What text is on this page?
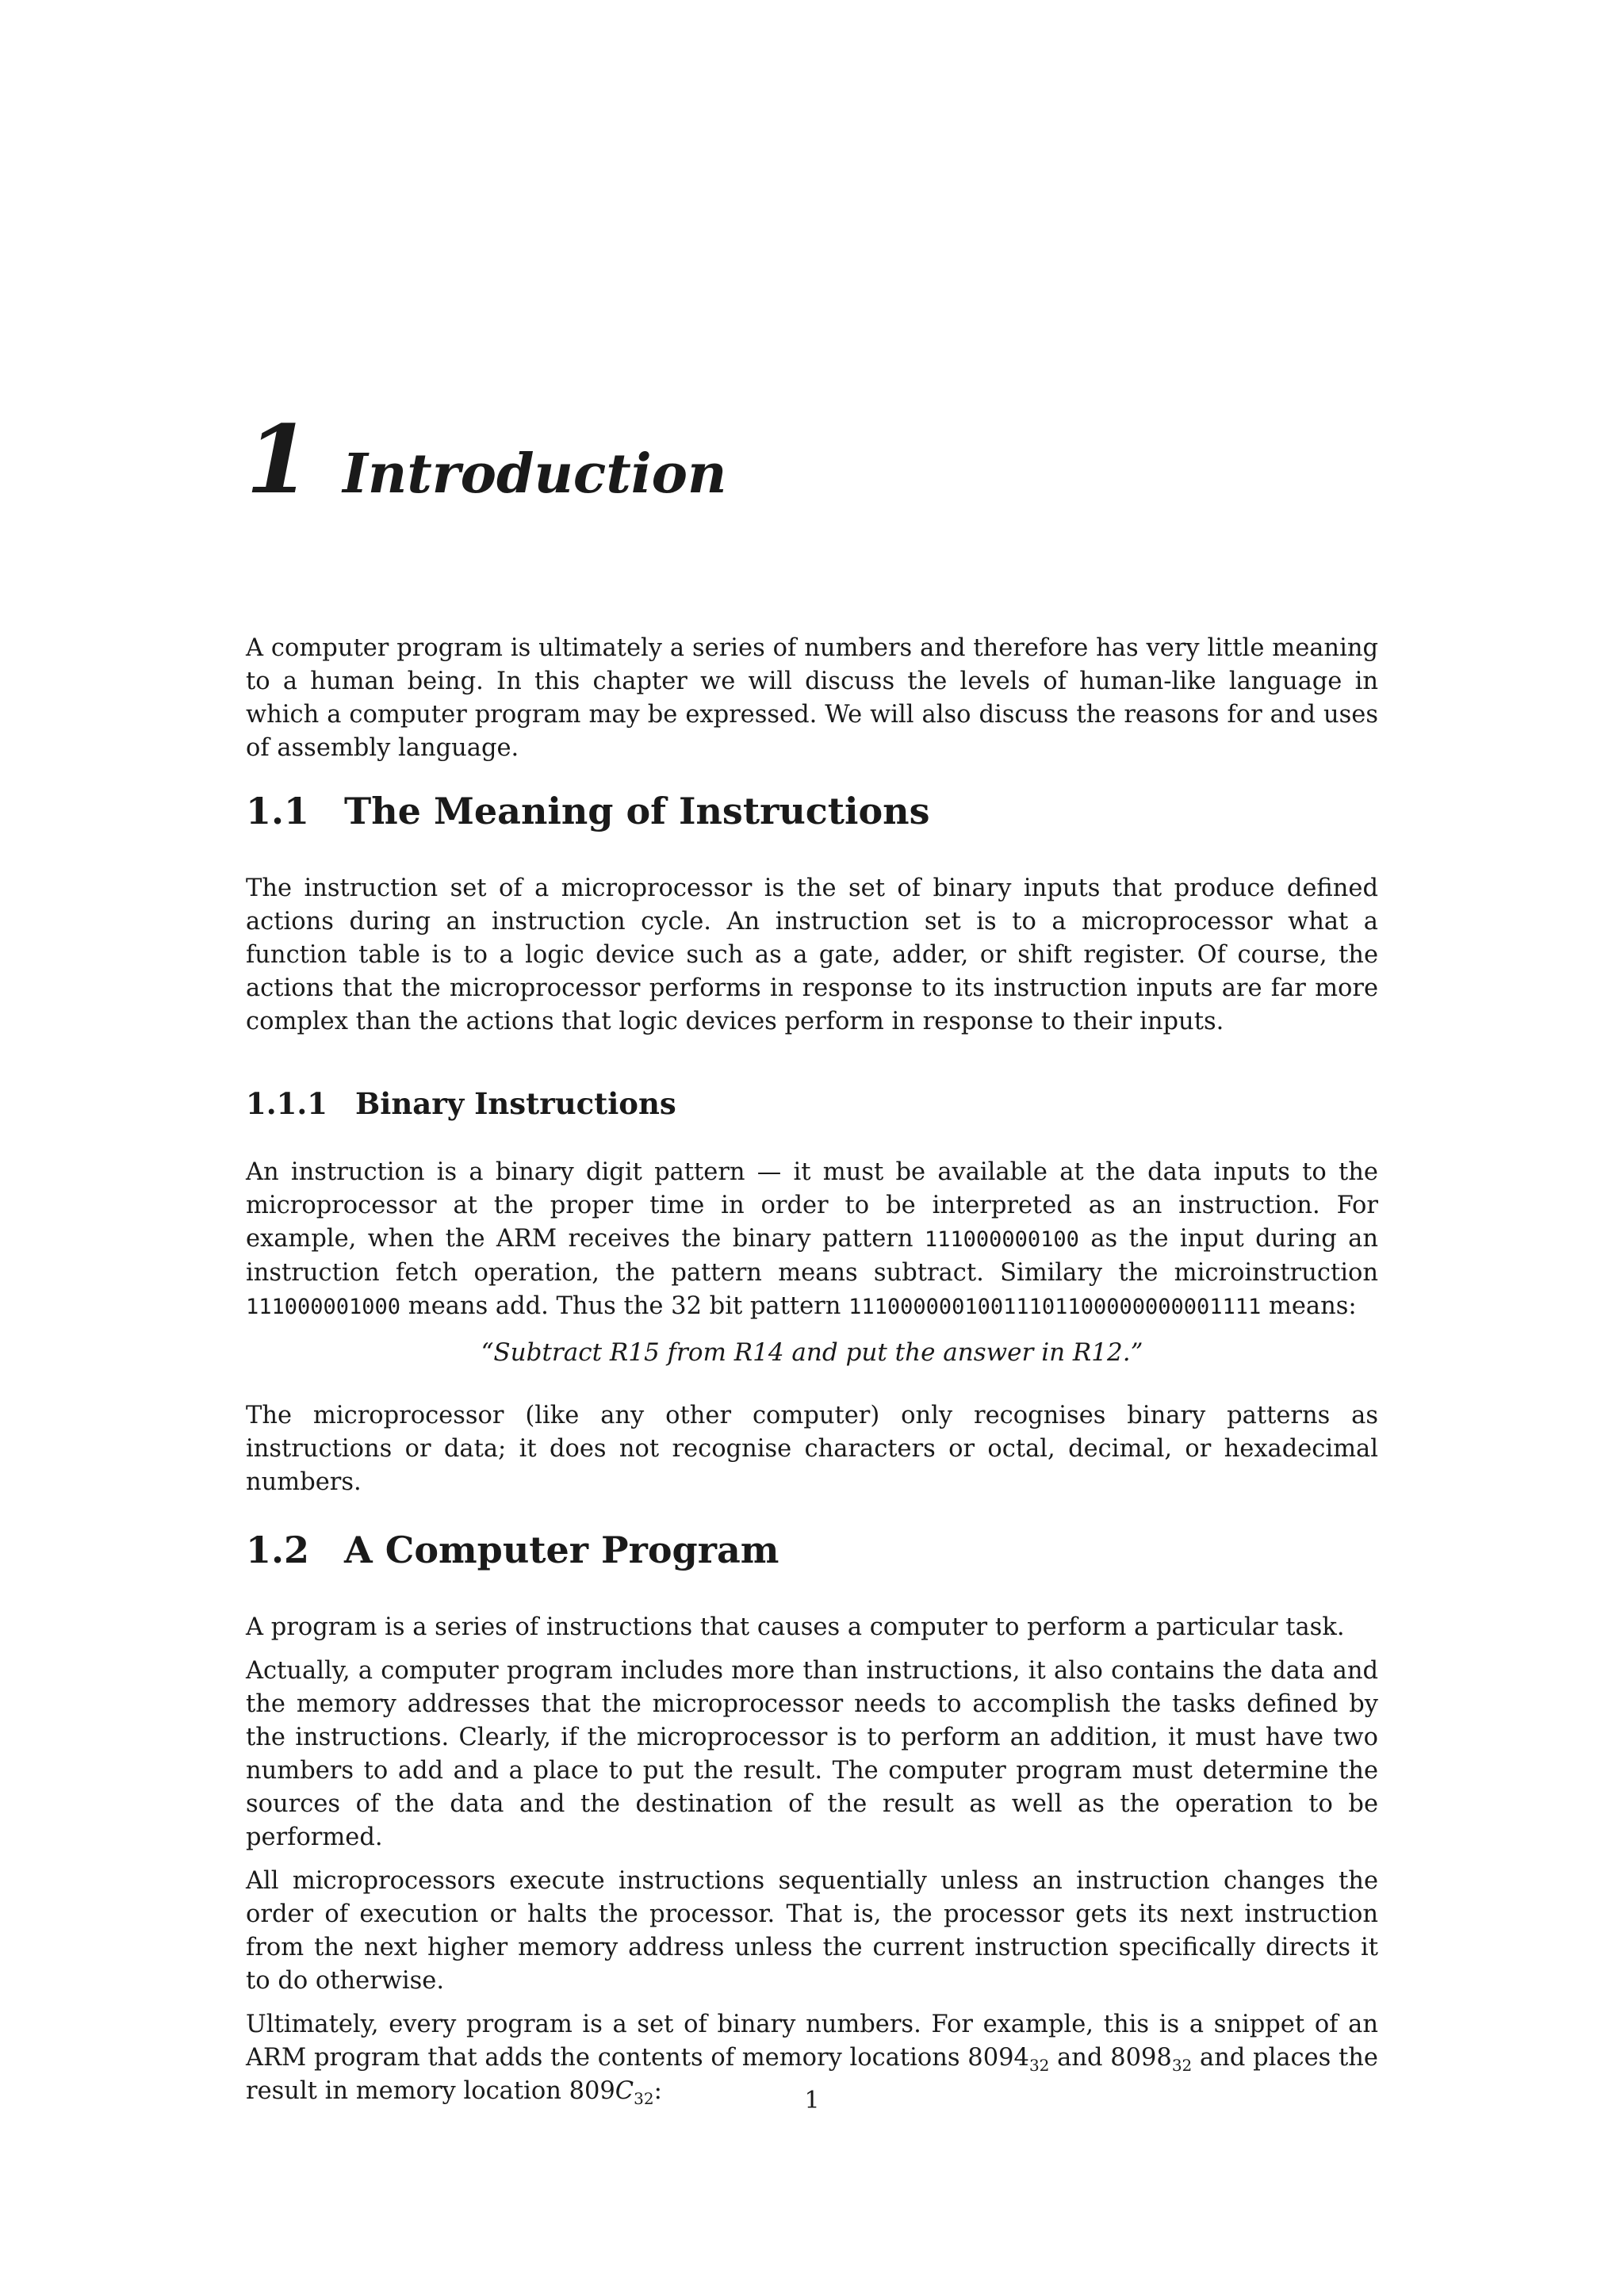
1 Introduction

A computer program is ultimately a series of numbers and therefore has very little meaning to a human being. In this chapter we will discuss the levels of human-like language in which a computer program may be expressed. We will also discuss the reasons for and uses of assembly language.

1.1 The Meaning of Instructions

The instruction set of a microprocessor is the set of binary inputs that produce defined actions during an instruction cycle. An instruction set is to a microprocessor what a function table is to a logic device such as a gate, adder, or shift register. Of course, the actions that the microprocessor performs in response to its instruction inputs are far more complex than the actions that logic devices perform in response to their inputs.

1.1.1 Binary Instructions

An instruction is a binary digit pattern — it must be available at the data inputs to the microprocessor at the proper time in order to be interpreted as an instruction. For example, when the ARM receives the binary pattern 111000000100 as the input during an instruction fetch operation, the pattern means subtract. Similary the microinstruction 111000001000 means add. Thus the 32 bit pattern 11100000010011101100000000001111 means:

“Subtract R15 from R14 and put the answer in R12.”

The microprocessor (like any other computer) only recognises binary patterns as instructions or data; it does not recognise characters or octal, decimal, or hexadecimal numbers.

1.2 A Computer Program

A program is a series of instructions that causes a computer to perform a particular task.

Actually, a computer program includes more than instructions, it also contains the data and the memory addresses that the microprocessor needs to accomplish the tasks defined by the instructions. Clearly, if the microprocessor is to perform an addition, it must have two numbers to add and a place to put the result. The computer program must determine the sources of the data and the destination of the result as well as the operation to be performed.

All microprocessors execute instructions sequentially unless an instruction changes the order of execution or halts the processor. That is, the processor gets its next instruction from the next higher memory address unless the current instruction specifically directs it to do otherwise.

Ultimately, every program is a set of binary numbers. For example, this is a snippet of an ARM program that adds the contents of memory locations $8094_{32}$ and $8098_{32}$ and places the result in memory location $809C_{32}$:	1
